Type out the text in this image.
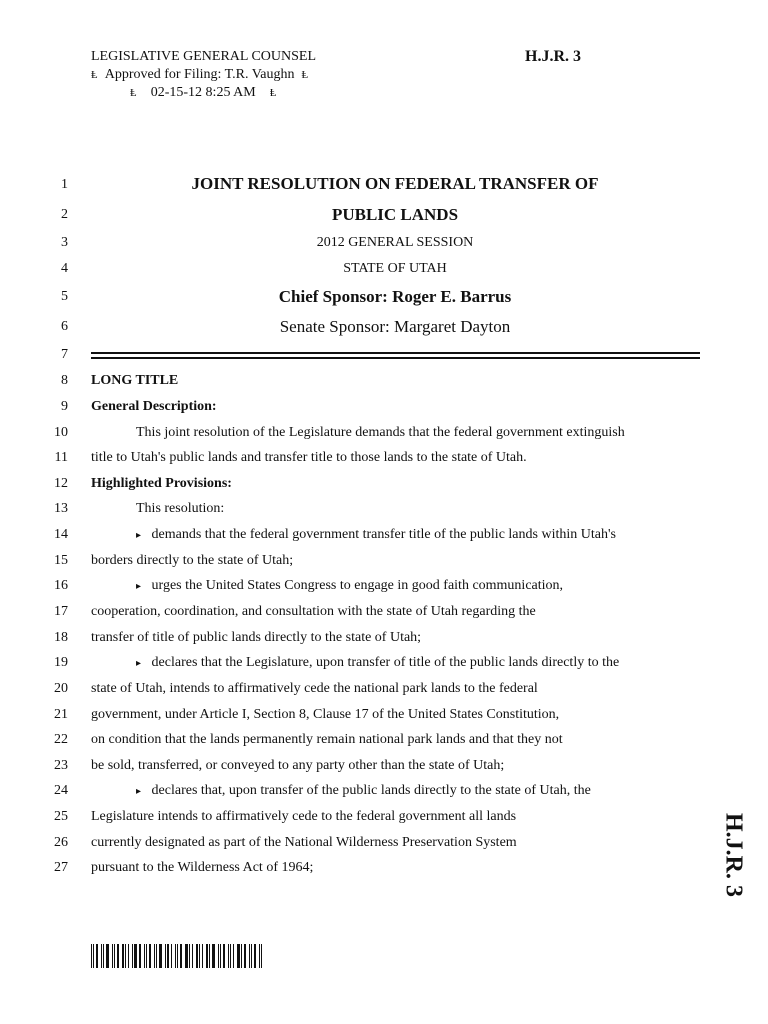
LEGISLATIVE GENERAL COUNSEL
Ⱡ Approved for Filing: T.R. Vaughn Ⱡ
Ⱡ 02-15-12 8:25 AM Ⱡ
H.J.R. 3
1
2
3
4
5
6
7
8
9
10
11
12
13
14
15
16
17
18
19
20
21
22
23
24
25
26
27
JOINT RESOLUTION ON FEDERAL TRANSFER OF
PUBLIC LANDS
2012 GENERAL SESSION
STATE OF UTAH
Chief Sponsor: Roger E. Barrus
Senate Sponsor: Margaret Dayton
LONG TITLE
General Description:
This joint resolution of the Legislature demands that the federal government extinguish
title to Utah's public lands and transfer title to those lands to the state of Utah.
Highlighted Provisions:
This resolution:
▸ demands that the federal government transfer title of the public lands within Utah's
borders directly to the state of Utah;
▸ urges the United States Congress to engage in good faith communication,
cooperation, coordination, and consultation with the state of Utah regarding the
transfer of title of public lands directly to the state of Utah;
▸ declares that the Legislature, upon transfer of title of the public lands directly to the
state of Utah, intends to affirmatively cede the national park lands to the federal
government, under Article I, Section 8, Clause 17 of the United States Constitution,
on condition that the lands permanently remain national park lands and that they not
be sold, transferred, or conveyed to any party other than the state of Utah;
▸ declares that, upon transfer of the public lands directly to the state of Utah, the
Legislature intends to affirmatively cede to the federal government all lands
currently designated as part of the National Wilderness Preservation System
pursuant to the Wilderness Act of 1964;	H.J.R. 3
